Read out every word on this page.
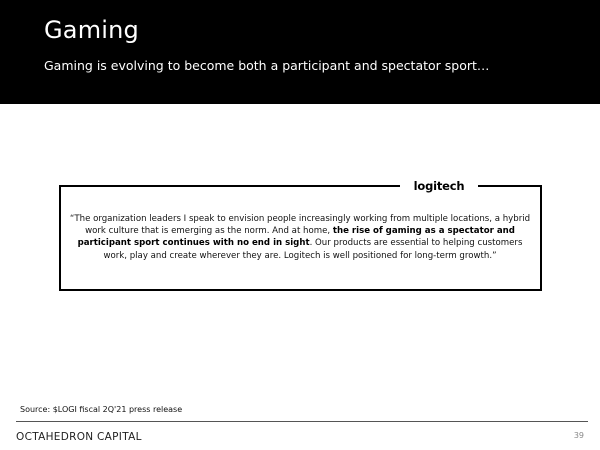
Gaming
Gaming is evolving to become both a participant and spectator sport…
logitech
“The organization leaders I speak to envision people increasingly working from multiple locations, a hybrid work culture that is emerging as the norm. And at home, the rise of gaming as a spectator and participant sport continues with no end in sight. Our products are essential to helping customers work, play and create wherever they are. Logitech is well positioned for long-term growth.”
Source: $LOGI fiscal 2Q'21 press release
OCTAHEDRON CAPITAL	39
